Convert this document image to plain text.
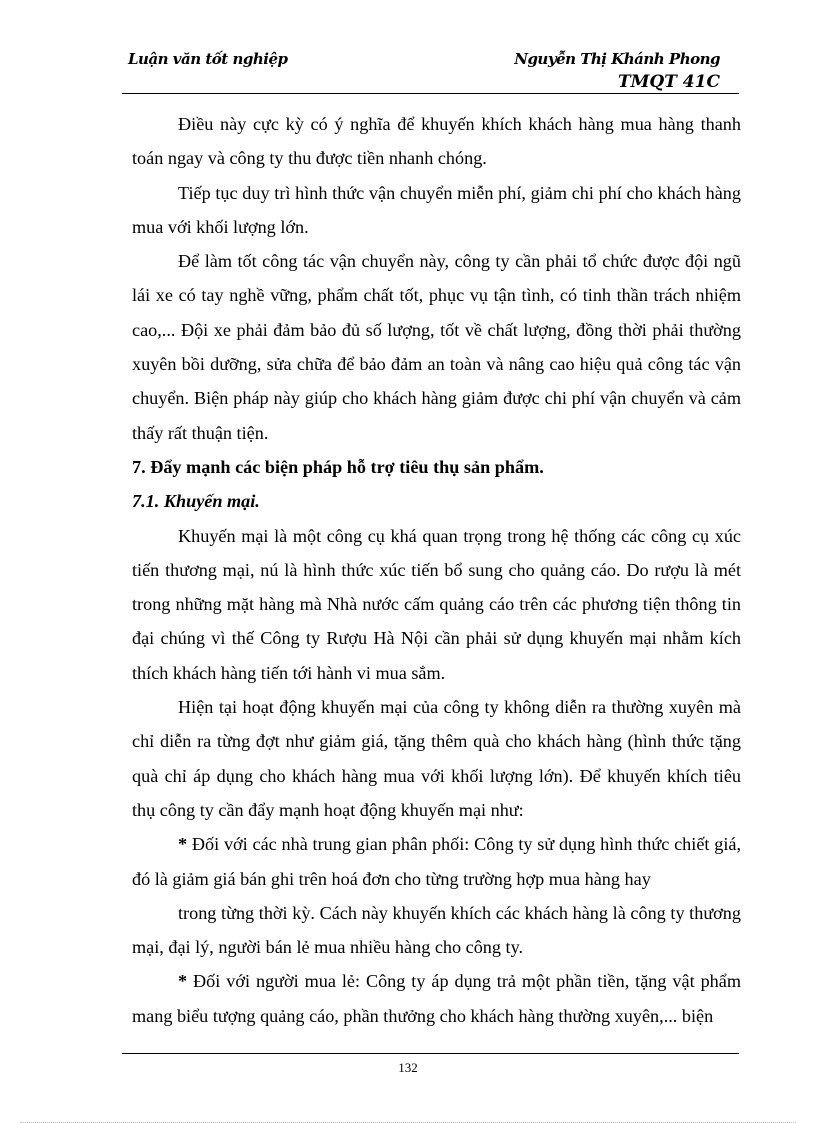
Luận văn tốt nghiệp	Nguyễn Thị Khánh Phong
TMQT 41C

Điều này cực kỳ có ý nghĩa để khuyến khích khách hàng mua hàng thanh toán ngay và công ty thu được tiền nhanh chóng.

Tiếp tục duy trì hình thức vận chuyển miễn phí, giảm chi phí cho khách hàng mua với khối lượng lớn.

Để làm tốt công tác vận chuyển này, công ty cần phải tổ chức được đội ngũ lái xe có tay nghề vững, phẩm chất tốt, phục vụ tận tình, có tinh thần trách nhiệm cao,... Đội xe phải đảm bảo đủ số lượng, tốt về chất lượng, đồng thời phải thường xuyên bồi dưỡng, sửa chữa để bảo đảm an toàn và nâng cao hiệu quả công tác vận chuyển. Biện pháp này giúp cho khách hàng giảm được chi phí vận chuyển và cảm thấy rất thuận tiện.

7. Đẩy mạnh các biện pháp hỗ trợ tiêu thụ sản phẩm.

7.1. Khuyến mại.

Khuyến mại là một công cụ khá quan trọng trong hệ thống các công cụ xúc tiến thương mại, nú là hình thức xúc tiến bổ sung cho quảng cáo. Do rượu là mét trong những mặt hàng mà Nhà nước cấm quảng cáo trên các phương tiện thông tin đại chúng vì thế Công ty Rượu Hà Nội cần phải sử dụng khuyến mại nhằm kích thích khách hàng tiến tới hành vi mua sắm.

Hiện tại hoạt động khuyến mại của công ty không diễn ra thường xuyên mà chỉ diễn ra từng đợt như giảm giá, tặng thêm quà cho khách hàng (hình thức tặng quà chỉ áp dụng cho khách hàng mua với khối lượng lớn). Để khuyến khích tiêu thụ công ty cần đẩy mạnh hoạt động khuyến mại như:

* Đối với các nhà trung gian phân phối: Công ty sử dụng hình thức chiết giá, đó là giảm giá bán ghi trên hoá đơn cho từng trường hợp mua hàng hay

trong từng thời kỳ. Cách này khuyến khích các khách hàng là công ty thương mại, đại lý, người bán lẻ mua nhiều hàng cho công ty.

* Đối với người mua lẻ: Công ty áp dụng trả một phần tiền, tặng vật phẩm mang biểu tượng quảng cáo, phần thưởng cho khách hàng thường xuyên,... biện

132
